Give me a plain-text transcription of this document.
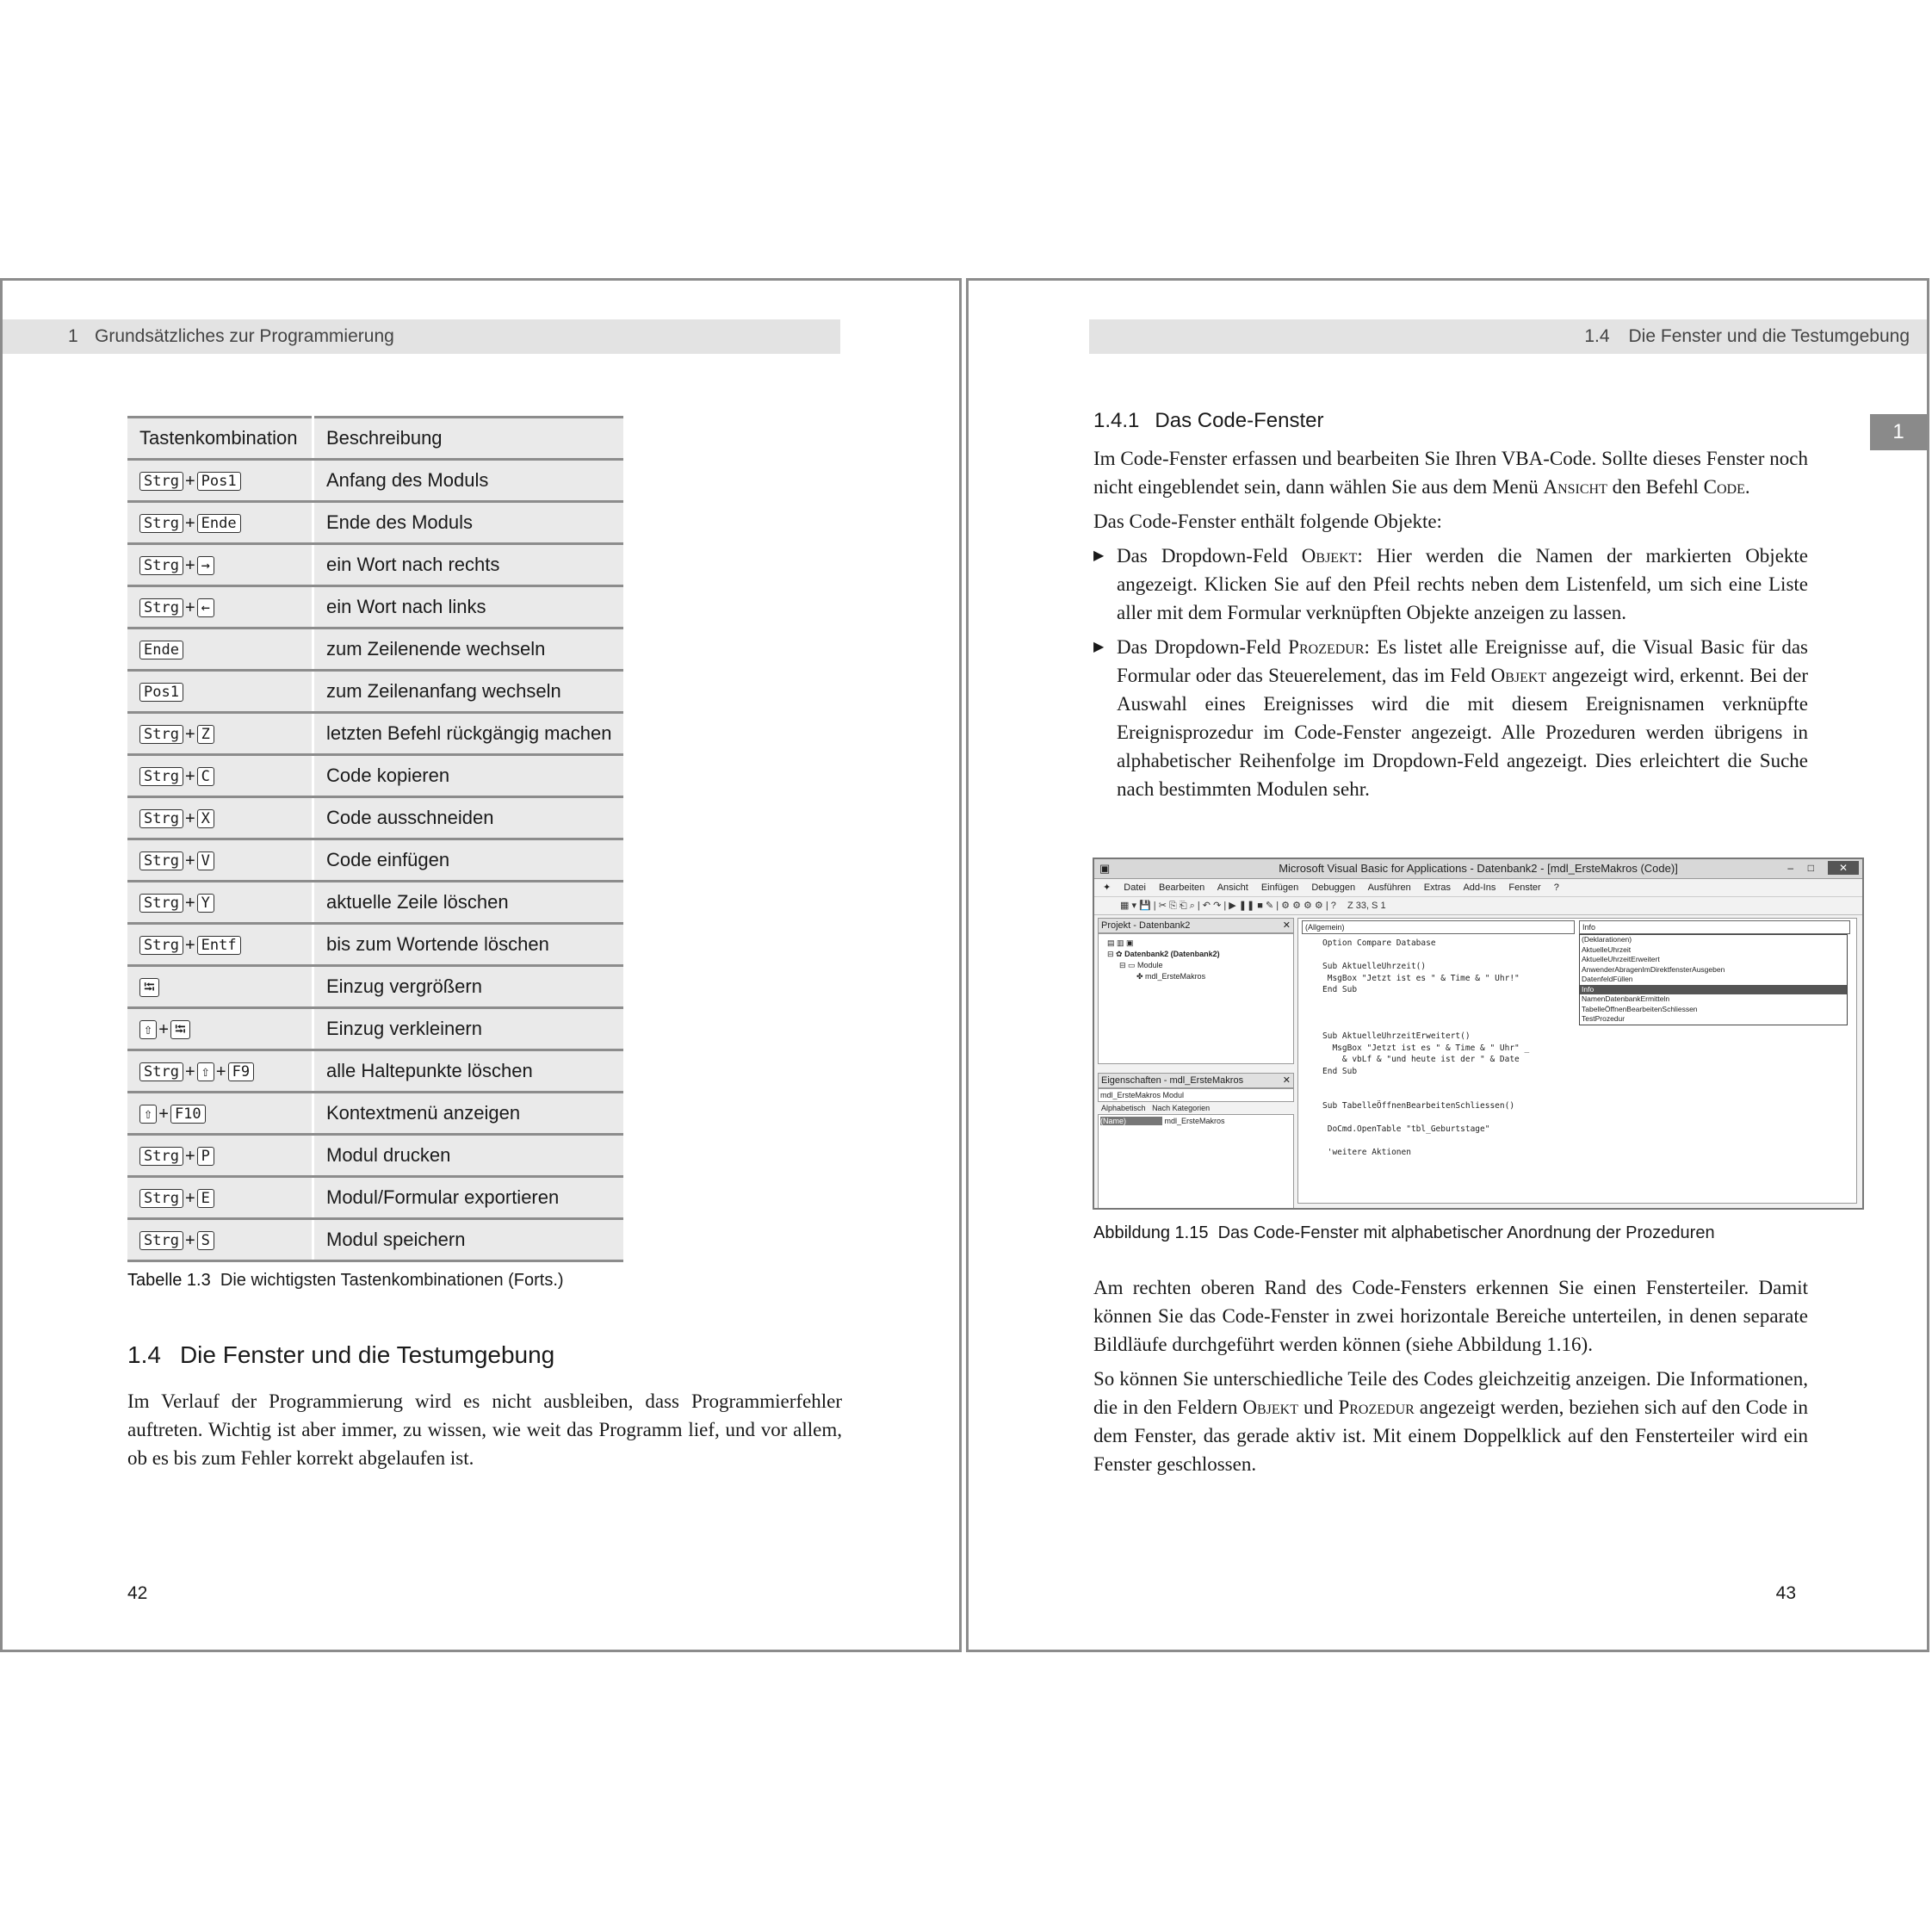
1 Grundsätzliches zur Programmierung
Tastenkombination	Beschreibung
Strg + Pos1	Anfang des Moduls
Strg + Ende	Ende des Moduls
Strg + →	ein Wort nach rechts
Strg + ←	ein Wort nach links
Ende	zum Zeilenende wechseln
Pos1	zum Zeilenanfang wechseln
Strg + Z	letzten Befehl rückgängig machen
Strg + C	Code kopieren
Strg + X	Code ausschneiden
Strg + V	Code einfügen
Strg + Y	aktuelle Zeile löschen
Strg + Entf	bis zum Wortende löschen
⭾	Einzug vergrößern
⇧ + ⭾	Einzug verkleinern
Strg + ⇧ + F9	alle Haltepunkte löschen
⇧ + F10	Kontextmenü anzeigen
Strg + P	Modul drucken
Strg + E	Modul/Formular exportieren
Strg + S	Modul speichern
Tabelle 1.3 Die wichtigsten Tastenkombinationen (Forts.)
1.4 Die Fenster und die Testumgebung
Im Verlauf der Programmierung wird es nicht ausbleiben, dass Programmierfehler auftreten. Wichtig ist aber immer, zu wissen, wie weit das Programm lief, und vor allem, ob es bis zum Fehler korrekt abgelaufen ist.
42
1.4 Die Fenster und die Testumgebung
1
1.4.1 Das Code-Fenster

Im Code-Fenster erfassen und bearbeiten Sie Ihren VBA-Code. Sollte dieses Fenster noch nicht eingeblendet sein, dann wählen Sie aus dem Menü Ansicht den Befehl Code.

Das Code-Fenster enthält folgende Objekte:

▶ Das Dropdown-Feld Objekt: Hier werden die Namen der markierten Objekte angezeigt. Klicken Sie auf den Pfeil rechts neben dem Listenfeld, um sich eine Liste aller mit dem Formular verknüpften Objekte anzeigen zu lassen.

▶ Das Dropdown-Feld Prozedur: Es listet alle Ereignisse auf, die Visual Basic für das Formular oder das Steuerelement, das im Feld Objekt angezeigt wird, erkennt. Bei der Auswahl eines Ereignisses wird die mit diesem Ereignisnamen verknüpfte Ereignisprozedur im Code-Fenster angezeigt. Alle Prozeduren werden übrigens in alphabetischer Reihenfolge im Dropdown-Feld angezeigt. Dies erleichtert die Suche nach bestimmten Modulen sehr.

▣	Microsoft Visual Basic for Applications - Datenbank2 - [mdl_ErsteMakros (Code)]	– □	✕
✦ Datei Bearbeiten Ansicht Einfügen Debuggen Ausführen Extras Add-Ins Fenster ?
▦ ▾ 💾 | ✂ ⎘ ⎗ ⌕ | ↶ ↷ | ▶ ❚❚ ■ ✎ | ⚙ ⚙ ⚙ ⚙ | ? Z 33, S 1
Projekt - Datenbank2	✕
▤ ▥ ▣
⊟ ✿ Datenbank2 (Datenbank2)
⊟ ▭ Module
✤ mdl_ErsteMakros
Eigenschaften - mdl_ErsteMakros	✕
mdl_ErsteMakros Modul
Alphabetisch Nach Kategorien
(Name)	mdl_ErsteMakros
(Allgemein)	Info
Option Compare Database

Sub AktuelleUhrzeit()
MsgBox "Jetzt ist es " & Time & " Uhr!"
End Sub

Sub AktuelleUhrzeitErweitert()
MsgBox "Jetzt ist es " & Time & " Uhr" _
& vbLf & "und heute ist der " & Date
End Sub

Sub TabelleÖffnenBearbeitenSchliessen()

DoCmd.OpenTable "tbl_Geburtstage"

'weitere Aktionen
(Deklarationen)
AktuelleUhrzeit
AktuelleUhrzeitErweitert
AnwenderAbragenImDirektfensterAusgeben
DatenfeldFüllen
Info
NamenDatenbankErmitteln
TabelleÖffnenBearbeitenSchliessen
TestProzedur
Abbildung 1.15 Das Code-Fenster mit alphabetischer Anordnung der Prozeduren

Am rechten oberen Rand des Code-Fensters erkennen Sie einen Fensterteiler. Damit können Sie das Code-Fenster in zwei horizontale Bereiche unterteilen, in denen separate Bildläufe durchgeführt werden können (siehe Abbildung 1.16).

So können Sie unterschiedliche Teile des Codes gleichzeitig anzeigen. Die Informationen, die in den Feldern Objekt und Prozedur angezeigt werden, beziehen sich auf den Code in dem Fenster, das gerade aktiv ist. Mit einem Doppelklick auf den Fensterteiler wird ein Fenster geschlossen.

43
